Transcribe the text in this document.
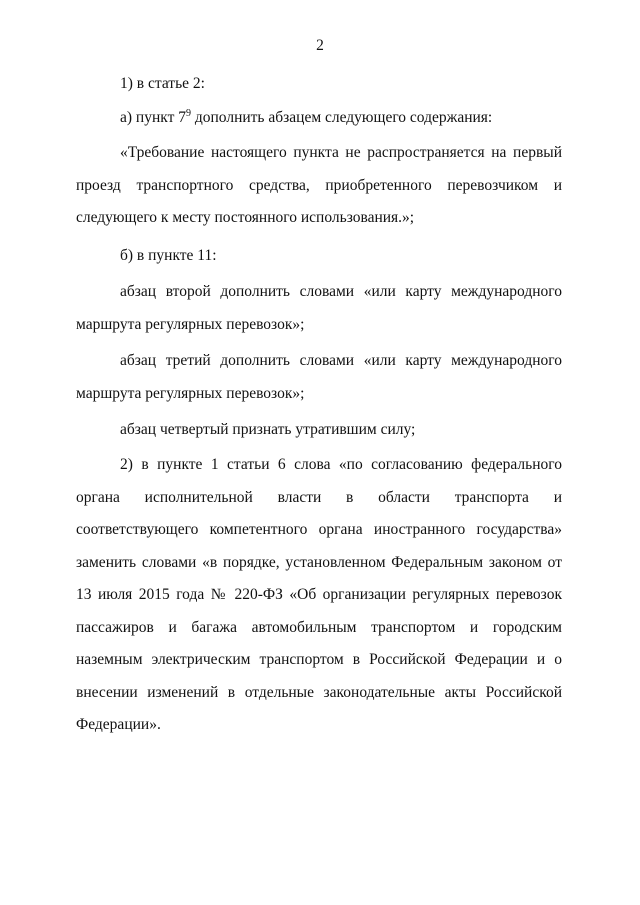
2

1) в статье 2:

а) пункт $7^9$ дополнить абзацем следующего содержания:

«Требование настоящего пункта не распространяется на первый проезд транспортного средства, приобретенного перевозчиком и следующего к месту постоянного использования.»;

б) в пункте 11:

абзац второй дополнить словами «или карту международного маршрута регулярных перевозок»;

абзац третий дополнить словами «или карту международного маршрута регулярных перевозок»;

абзац четвертый признать утратившим силу;

2) в пункте 1 статьи 6 слова «по согласованию федерального органа исполнительной власти в области транспорта и соответствующего компетентного органа иностранного государства» заменить словами «в порядке, установленном Федеральным законом от 13 июля 2015 года № 220-ФЗ «Об организации регулярных перевозок пассажиров и багажа автомобильным транспортом и городским наземным электрическим транспортом в Российской Федерации и о внесении изменений в отдельные законодательные акты Российской Федерации».
